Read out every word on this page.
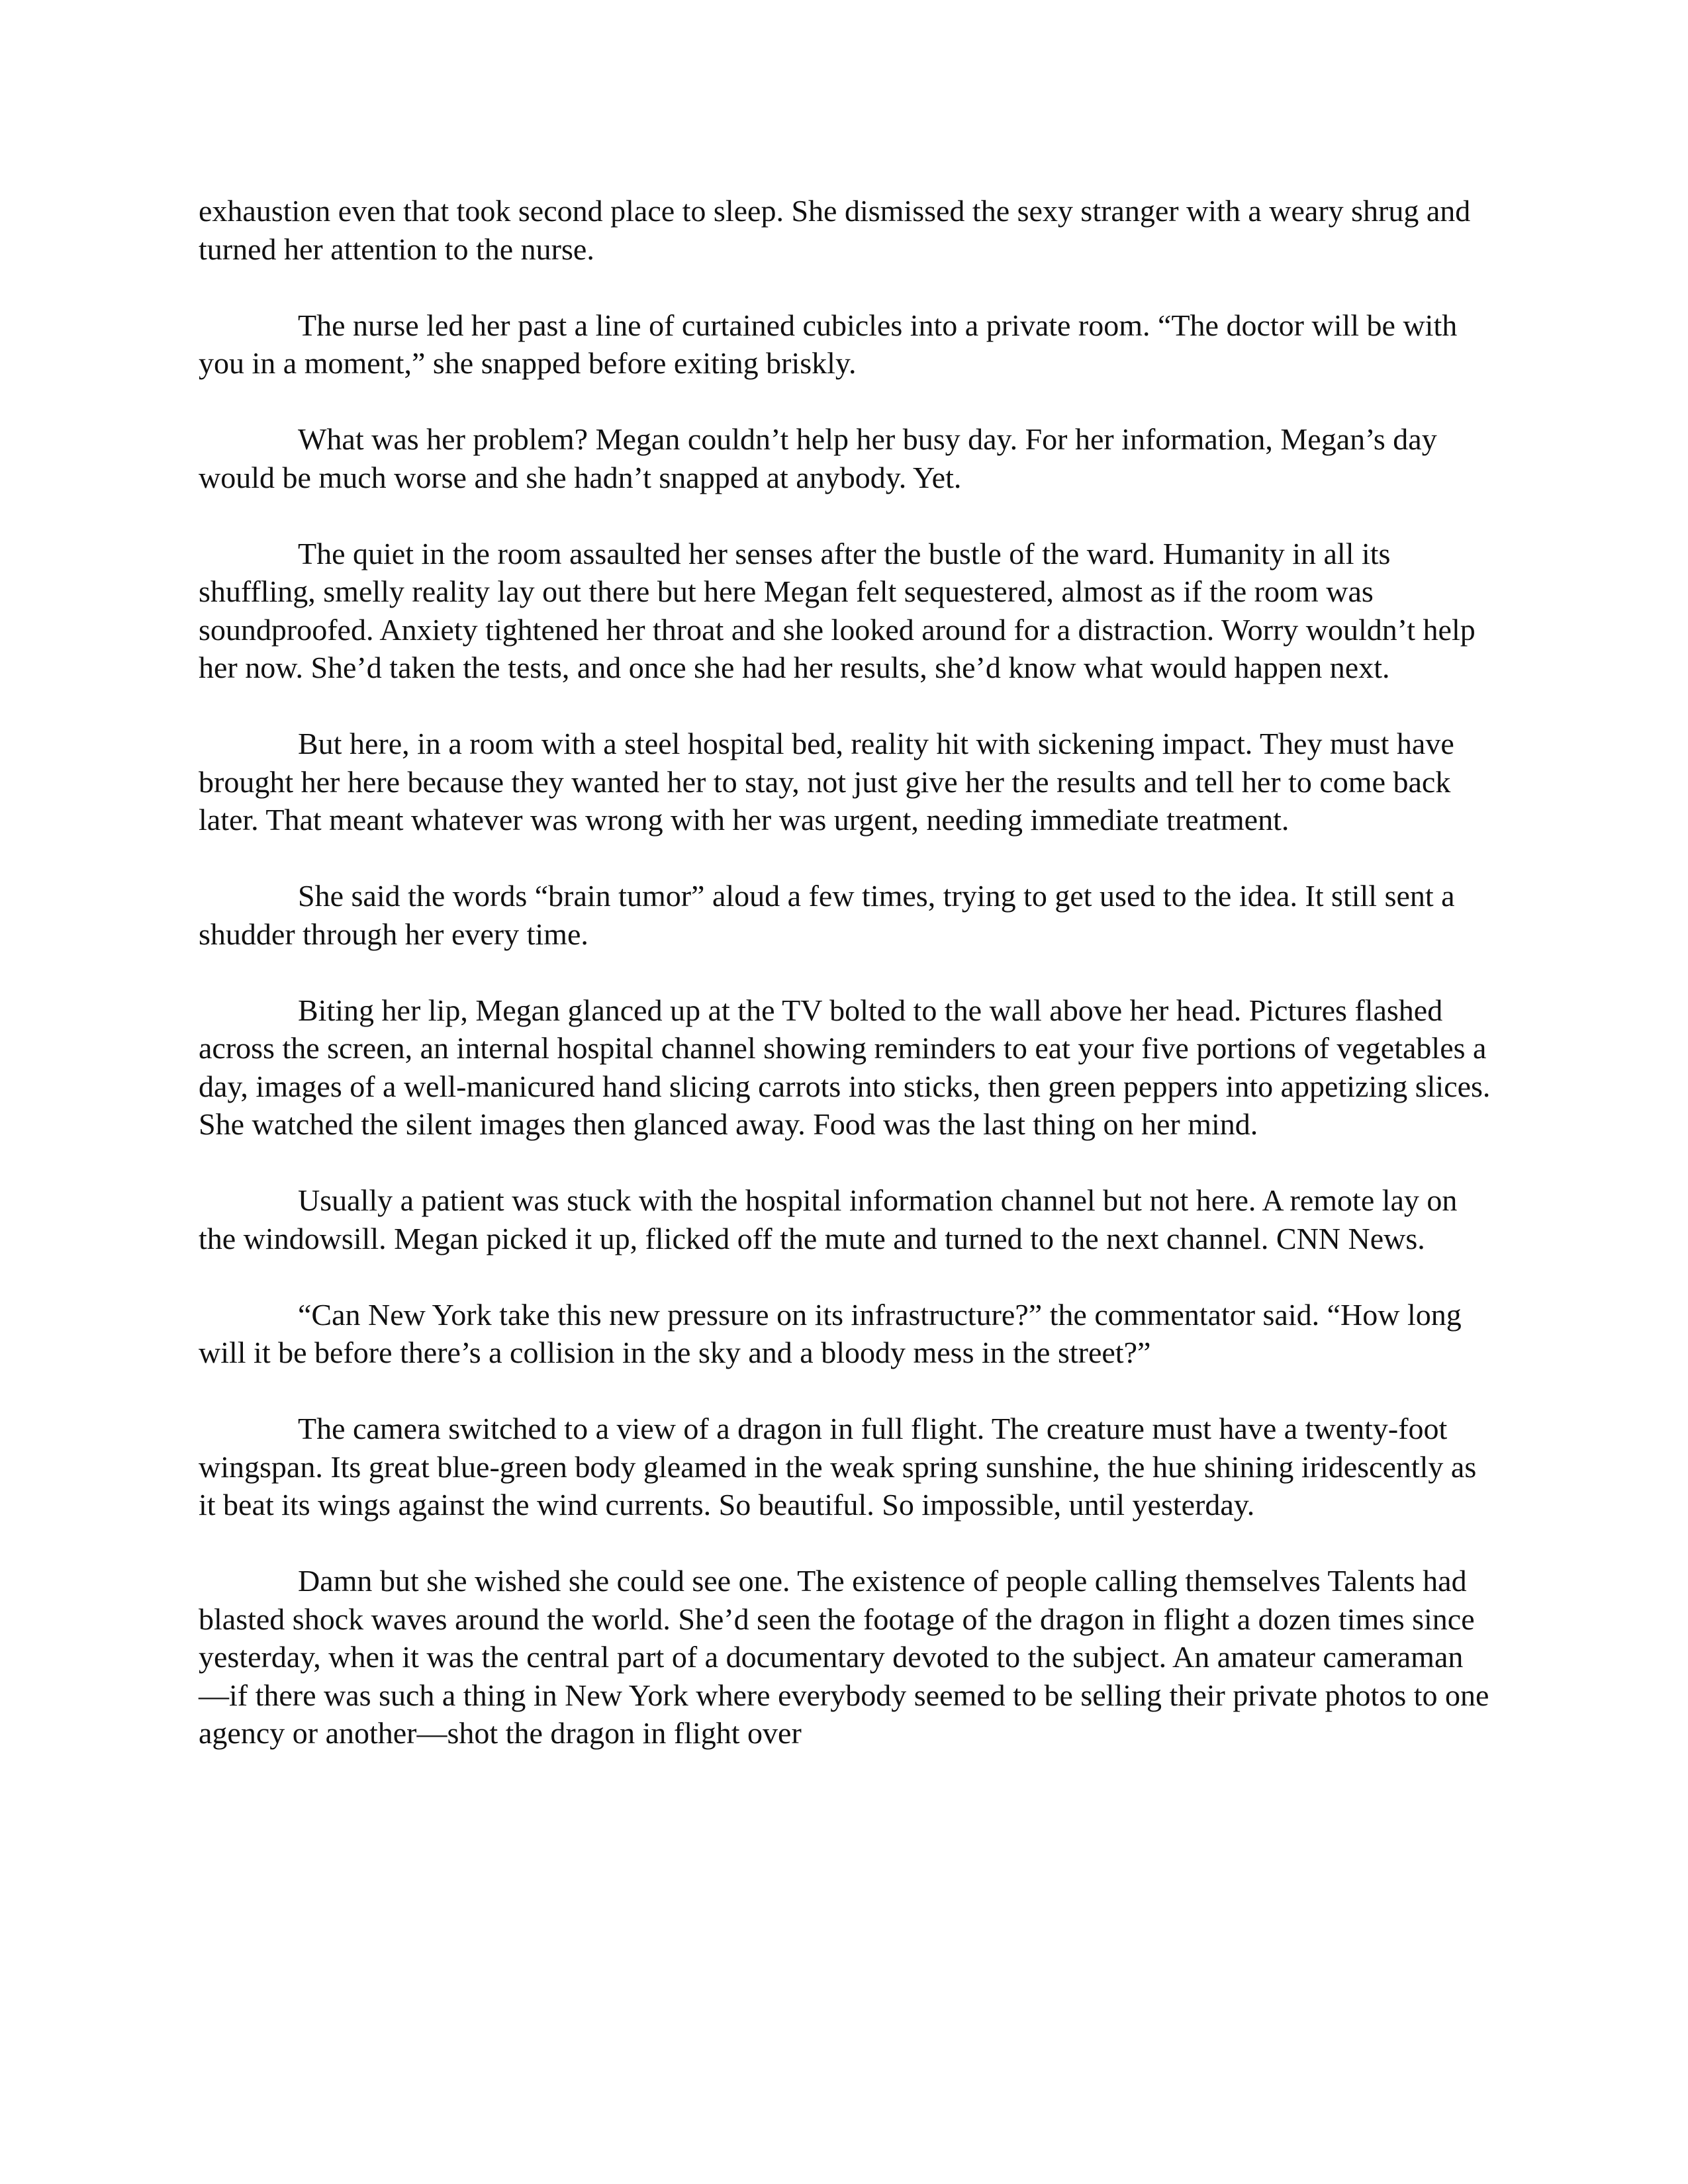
exhaustion even that took second place to sleep. She dismissed the sexy stranger with a weary shrug and turned her attention to the nurse.

The nurse led her past a line of curtained cubicles into a private room. “The doctor will be with you in a moment,” she snapped before exiting briskly.

What was her problem? Megan couldn’t help her busy day. For her information, Megan’s day would be much worse and she hadn’t snapped at anybody. Yet.

The quiet in the room assaulted her senses after the bustle of the ward. Humanity in all its shuffling, smelly reality lay out there but here Megan felt sequestered, almost as if the room was soundproofed. Anxiety tightened her throat and she looked around for a distraction. Worry wouldn’t help her now. She’d taken the tests, and once she had her results, she’d know what would happen next.

But here, in a room with a steel hospital bed, reality hit with sickening impact. They must have brought her here because they wanted her to stay, not just give her the results and tell her to come back later. That meant whatever was wrong with her was urgent, needing immediate treatment.

She said the words “brain tumor” aloud a few times, trying to get used to the idea. It still sent a shudder through her every time.

Biting her lip, Megan glanced up at the TV bolted to the wall above her head. Pictures flashed across the screen, an internal hospital channel showing reminders to eat your five portions of vegetables a day, images of a well-manicured hand slicing carrots into sticks, then green peppers into appetizing slices. She watched the silent images then glanced away. Food was the last thing on her mind.

Usually a patient was stuck with the hospital information channel but not here. A remote lay on the windowsill. Megan picked it up, flicked off the mute and turned to the next channel. CNN News.

“Can New York take this new pressure on its infrastructure?” the commentator said. “How long will it be before there’s a collision in the sky and a bloody mess in the street?”

The camera switched to a view of a dragon in full flight. The creature must have a twenty-foot wingspan. Its great blue-green body gleamed in the weak spring sunshine, the hue shining iridescently as it beat its wings against the wind currents. So beautiful. So impossible, until yesterday.

Damn but she wished she could see one. The existence of people calling themselves Talents had blasted shock waves around the world. She’d seen the footage of the dragon in flight a dozen times since yesterday, when it was the central part of a documentary devoted to the subject. An amateur cameraman—if there was such a thing in New York where everybody seemed to be selling their private photos to one agency or another—shot the dragon in flight over
